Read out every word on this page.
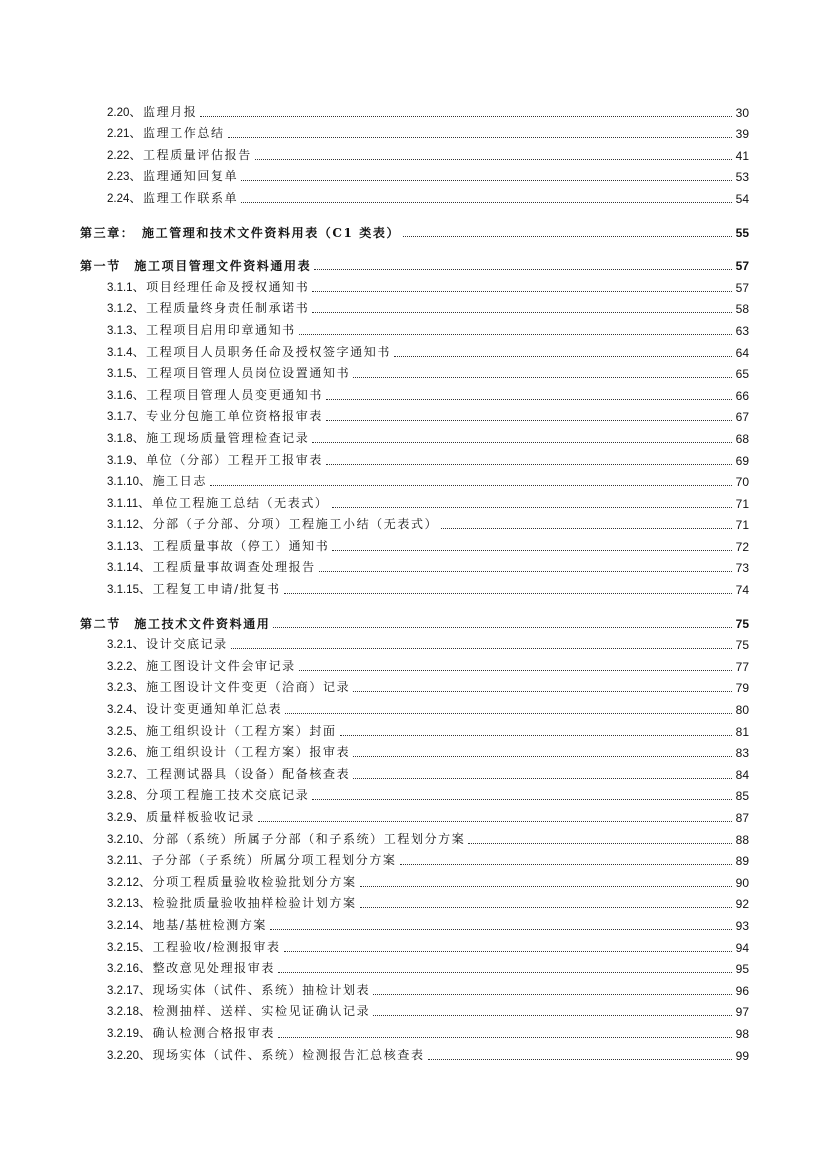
2.20、监理月报	30
2.21、监理工作总结	39
2.22、工程质量评估报告	41
2.23、监理通知回复单	53
2.24、监理工作联系单	54
第三章：　施工管理和技术文件资料用表（C1 类表）	55
第一节　施工项目管理文件资料通用表	57
3.1.1、项目经理任命及授权通知书	57
3.1.2、工程质量终身责任制承诺书	58
3.1.3、工程项目启用印章通知书	63
3.1.4、工程项目人员职务任命及授权签字通知书	64
3.1.5、工程项目管理人员岗位设置通知书	65
3.1.6、工程项目管理人员变更通知书	66
3.1.7、专业分包施工单位资格报审表	67
3.1.8、施工现场质量管理检查记录	68
3.1.9、单位（分部）工程开工报审表	69
3.1.10、施工日志	70
3.1.11、单位工程施工总结（无表式）	71
3.1.12、分部（子分部、分项）工程施工小结（无表式）	71
3.1.13、工程质量事故（停工）通知书	72
3.1.14、工程质量事故调查处理报告	73
3.1.15、工程复工申请/批复书	74
第二节　施工技术文件资料通用	75
3.2.1、设计交底记录	75
3.2.2、施工图设计文件会审记录	77
3.2.3、施工图设计文件变更（洽商）记录	79
3.2.4、设计变更通知单汇总表	80
3.2.5、施工组织设计（工程方案）封面	81
3.2.6、施工组织设计（工程方案）报审表	83
3.2.7、工程测试器具（设备）配备核查表	84
3.2.8、分项工程施工技术交底记录	85
3.2.9、质量样板验收记录	87
3.2.10、分部（系统）所属子分部（和子系统）工程划分方案	88
3.2.11、子分部（子系统）所属分项工程划分方案	89
3.2.12、分项工程质量验收检验批划分方案	90
3.2.13、检验批质量验收抽样检验计划方案	92
3.2.14、地基/基桩检测方案	93
3.2.15、工程验收/检测报审表	94
3.2.16、整改意见处理报审表	95
3.2.17、现场实体（试件、系统）抽检计划表	96
3.2.18、检测抽样、送样、实检见证确认记录	97
3.2.19、确认检测合格报审表	98
3.2.20、现场实体（试件、系统）检测报告汇总核查表	99
